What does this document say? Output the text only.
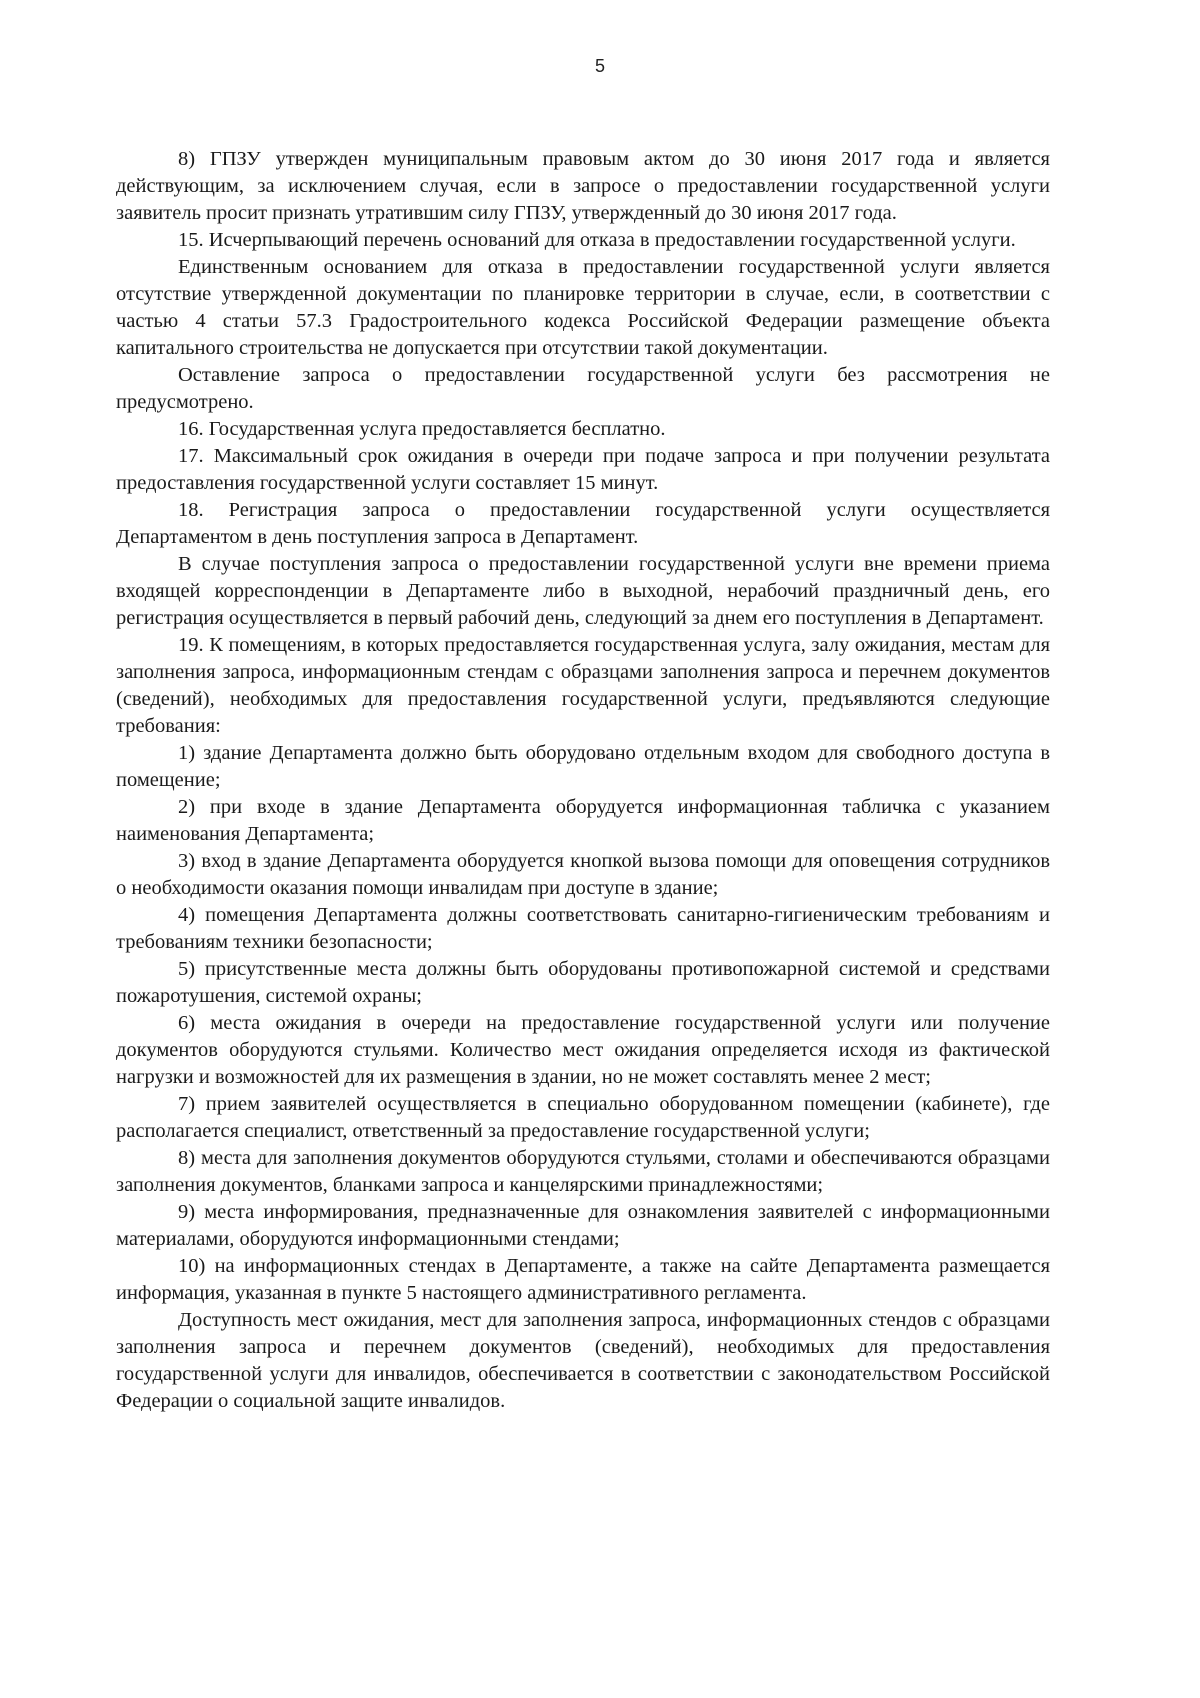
5

8) ГПЗУ утвержден муниципальным правовым актом до 30 июня 2017 года и является действующим, за исключением случая, если в запросе о предоставлении государственной услуги заявитель просит признать утратившим силу ГПЗУ, утвержденный до 30 июня 2017 года.

15. Исчерпывающий перечень оснований для отказа в предоставлении государственной услуги.

Единственным основанием для отказа в предоставлении государственной услуги является отсутствие утвержденной документации по планировке территории в случае, если, в соответствии с частью 4 статьи 57.3 Градостроительного кодекса Российской Федерации размещение объекта капитального строительства не допускается при отсутствии такой документации.

Оставление запроса о предоставлении государственной услуги без рассмотрения не предусмотрено.

16. Государственная услуга предоставляется бесплатно.

17. Максимальный срок ожидания в очереди при подаче запроса и при получении результата предоставления государственной услуги составляет 15 минут.

18. Регистрация запроса о предоставлении государственной услуги осуществляется Департаментом в день поступления запроса в Департамент.

В случае поступления запроса о предоставлении государственной услуги вне времени приема входящей корреспонденции в Департаменте либо в выходной, нерабочий праздничный день, его регистрация осуществляется в первый рабочий день, следующий за днем его поступления в Департамент.

19. К помещениям, в которых предоставляется государственная услуга, залу ожидания, местам для заполнения запроса, информационным стендам с образцами заполнения запроса и перечнем документов (сведений), необходимых для предоставления государственной услуги, предъявляются следующие требования:

1) здание Департамента должно быть оборудовано отдельным входом для свободного доступа в помещение;

2) при входе в здание Департамента оборудуется информационная табличка с указанием наименования Департамента;

3) вход в здание Департамента оборудуется кнопкой вызова помощи для оповещения сотрудников о необходимости оказания помощи инвалидам при доступе в здание;

4) помещения Департамента должны соответствовать санитарно-гигиеническим требованиям и требованиям техники безопасности;

5) присутственные места должны быть оборудованы противопожарной системой и средствами пожаротушения, системой охраны;

6) места ожидания в очереди на предоставление государственной услуги или получение документов оборудуются стульями. Количество мест ожидания определяется исходя из фактической нагрузки и возможностей для их размещения в здании, но не может составлять менее 2 мест;

7) прием заявителей осуществляется в специально оборудованном помещении (кабинете), где располагается специалист, ответственный за предоставление государственной услуги;

8) места для заполнения документов оборудуются стульями, столами и обеспечиваются образцами заполнения документов, бланками запроса и канцелярскими принадлежностями;

9) места информирования, предназначенные для ознакомления заявителей с информационными материалами, оборудуются информационными стендами;

10) на информационных стендах в Департаменте, а также на сайте Департамента размещается информация, указанная в пункте 5 настоящего административного регламента.

Доступность мест ожидания, мест для заполнения запроса, информационных стендов с образцами заполнения запроса и перечнем документов (сведений), необходимых для предоставления государственной услуги для инвалидов, обеспечивается в соответствии с законодательством Российской Федерации о социальной защите инвалидов.
